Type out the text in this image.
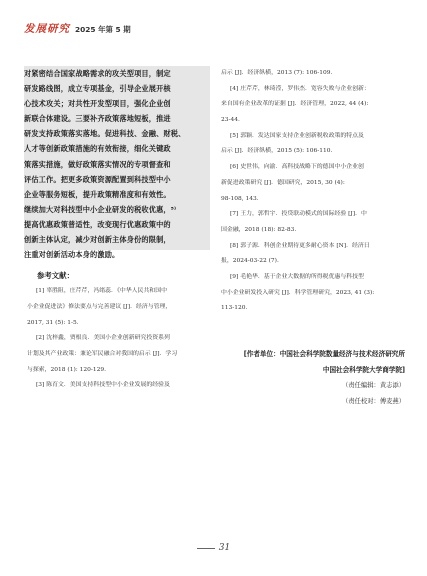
发展研究 2025 年第 5 期
对紧密结合国家战略需求的攻关型项目，制定
研发路线图，成立专项基金，引导企业展开核
心技术攻关；对共性开发型项目，强化企业创
新联合体建设。三要补齐政策落地短板，推进
研发支持政策落实落地。促进科技、金融、财税、
人才等创新政策措施的有效衔接，细化关键政
策落实措施，做好政策落实情况的专项督查和
评估工作。把更多政策资源配置到科技型中小
企业等服务短板，提升政策精准度和有效性。
继续加大对科技型中小企业研发的税收优惠，⁵⁾
提高优惠政策普适性，改变现行优惠政策中的
创新主体认定，减少对创新主体身份的限制，
注重对创新活动本身的激励。
参考文献：
[1] 辜胜阻，庄芹芹，冯绪蕊．《中华人民共和国中
小企业促进法》修法要点与完善建议 [J]．经济与管理，
2017, 31 (5): 1-5.
[2] 沈梓鑫，贾根良．美国小企业创新研究投资系列
计划及其产业政策：兼论军民融合对我国的启示 [J]．学习
与探索，2018 (1): 120-129.
[3] 陈育文．美国支持科技型中小企业发展的经验及
启示 [J]．经济纵横，2013 (7): 106-109.
[4] 庄芹芹，林琦滢，罗伟杰．宽容失败与企业创新：
来自国有企业改革的证据 [J]．经济管理，2022, 44 (4):
23-44.
[5] 郭颖．发达国家支持企业创新税收政策的特点及
启示 [J]．经济纵横，2015 (5): 106-110.
[6] 史世伟，向渝．高科技战略下的德国中小企业创
新促进政策研究 [J]．德国研究，2015, 30 (4):
98-108, 143.
[7] 王力，郭哲宇．投贷联动模式的国际经验 [J]．中
国金融，2018 (18): 82-83.
[8] 郭子源．科创企业期待更多耐心资本 [N]．经济日
报，2024-03-22 (7).
[9] 毛艳华．基于企业大数据的所得税优惠与科技型
中小企业研发投入研究 [J]．科学管理研究，2023, 41 (3):
113-120.
[作者单位：中国社会科学院数量经济与技术经济研究所
中国社会科学院大学商学院]
（责任编辑：黄志添）
（责任校对：傅麦燕）
31
